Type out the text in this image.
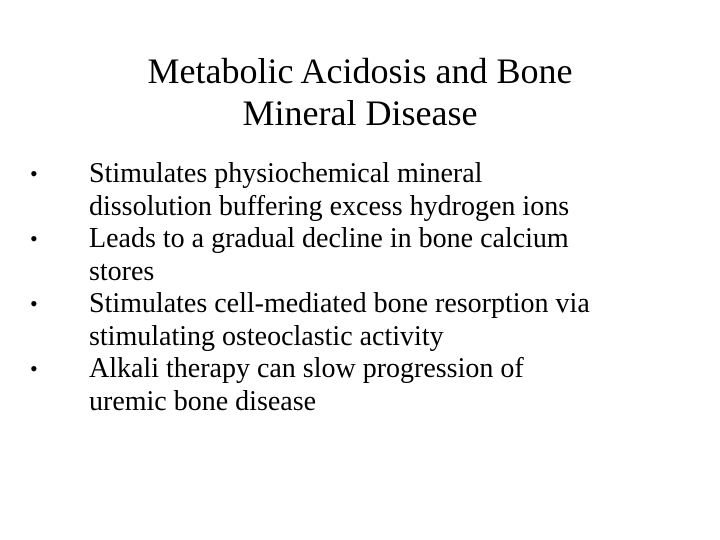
Metabolic Acidosis and Bone
Mineral Disease
•
Stimulates physiochemical mineral
dissolution buffering excess hydrogen ions
•
Leads to a gradual decline in bone calcium
stores
•
Stimulates cell-mediated bone resorption via
stimulating osteoclastic activity
•
Alkali therapy can slow progression of
uremic bone disease
